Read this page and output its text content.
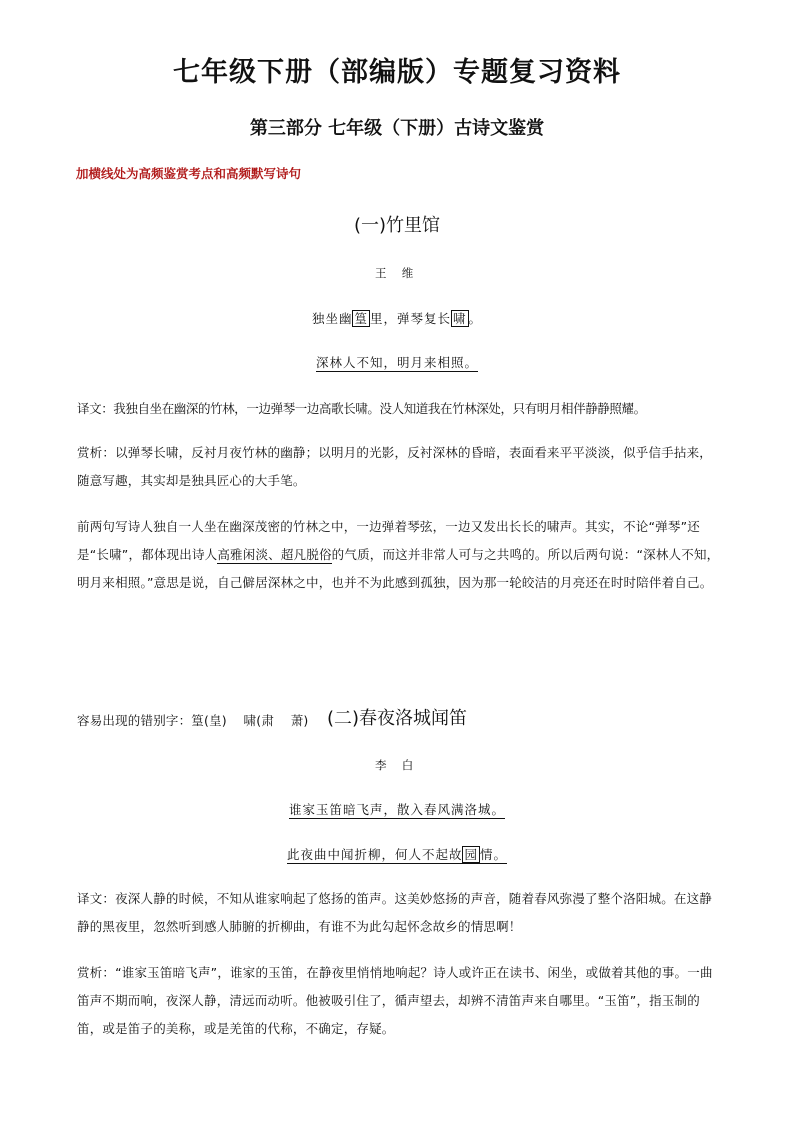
七年级下册（部编版）专题复习资料
第三部分 七年级（下册）古诗文鉴赏
加横线处为高频鉴赏考点和高频默写诗句
(一)竹里馆
王 维
独坐幽 篁 里，弹琴复长 啸 。
深林人不知，明月来相照。

译文：我独自坐在幽深的竹林，一边弹琴一边高歌长啸。没人知道我在竹林深处，只有明月相伴静静照耀。

赏析：以弹琴长啸，反衬月夜竹林的幽静；以明月的光影，反衬深林的昏暗，表面看来平平淡淡，似乎信手拈来，随意写趣，其实却是独具匠心的大手笔。

前两句写诗人独自一人坐在幽深茂密的竹林之中，一边弹着琴弦，一边又发出长长的啸声。其实，不论“弹琴”还是“长啸”，都体现出诗人高雅闲淡、超凡脱俗的气质，而这并非常人可与之共鸣的。所以后两句说：“深林人不知，明月来相照。”意思是说，自己僻居深林之中，也并不为此感到孤独，因为那一轮皎洁的月亮还在时时陪伴着自己。

容易出现的错别字：篁(皇)    啸(肃    萧)

	(二)春夜洛城闻笛
李 白
谁家玉笛暗飞声，散入春风满洛城。
此夜曲中闻折柳，何人不起故 园 情。

译文：夜深人静的时候，不知从谁家响起了悠扬的笛声。这美妙悠扬的声音，随着春风弥漫了整个洛阳城。在这静静的黑夜里，忽然听到感人肺腑的折柳曲，有谁不为此勾起怀念故乡的情思啊！

赏析：“谁家玉笛暗飞声”，谁家的玉笛，在静夜里悄悄地响起？诗人或许正在读书、闲坐，或做着其他的事。一曲笛声不期而响，夜深人静，清远而动听。他被吸引住了，循声望去，却辨不清笛声来自哪里。“玉笛”，指玉制的笛，或是笛子的美称，或是羌笛的代称，不确定，存疑。
